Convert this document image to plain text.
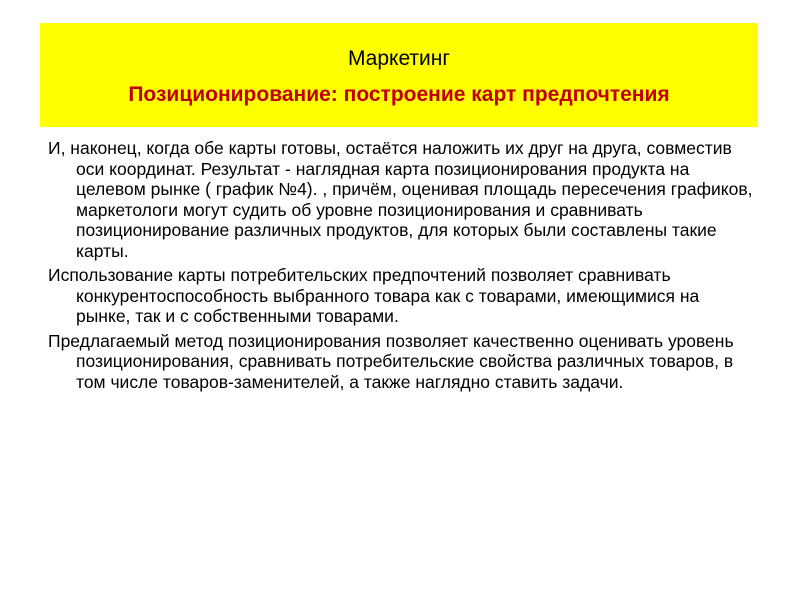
Маркетинг
Позиционирование: построение карт предпочтения

И, наконец, когда обе карты готовы, остаётся наложить их друг на друга, совместив оси координат. Результат - наглядная карта позиционирования продукта на целевом рынке ( график №4). , причём, оценивая площадь пересечения графиков, маркетологи могут судить об уровне позиционирования и сравнивать позиционирование различных продуктов, для которых были составлены такие карты.

Использование карты потребительских предпочтений позволяет сравнивать конкурентоспособность выбранного товара как с товарами, имеющимися на рынке, так и с собственными товарами.

Предлагаемый метод позиционирования позволяет качественно оценивать уровень позиционирования, сравнивать потребительские свойства различных товаров, в том числе товаров-заменителей, а также наглядно ставить задачи.
